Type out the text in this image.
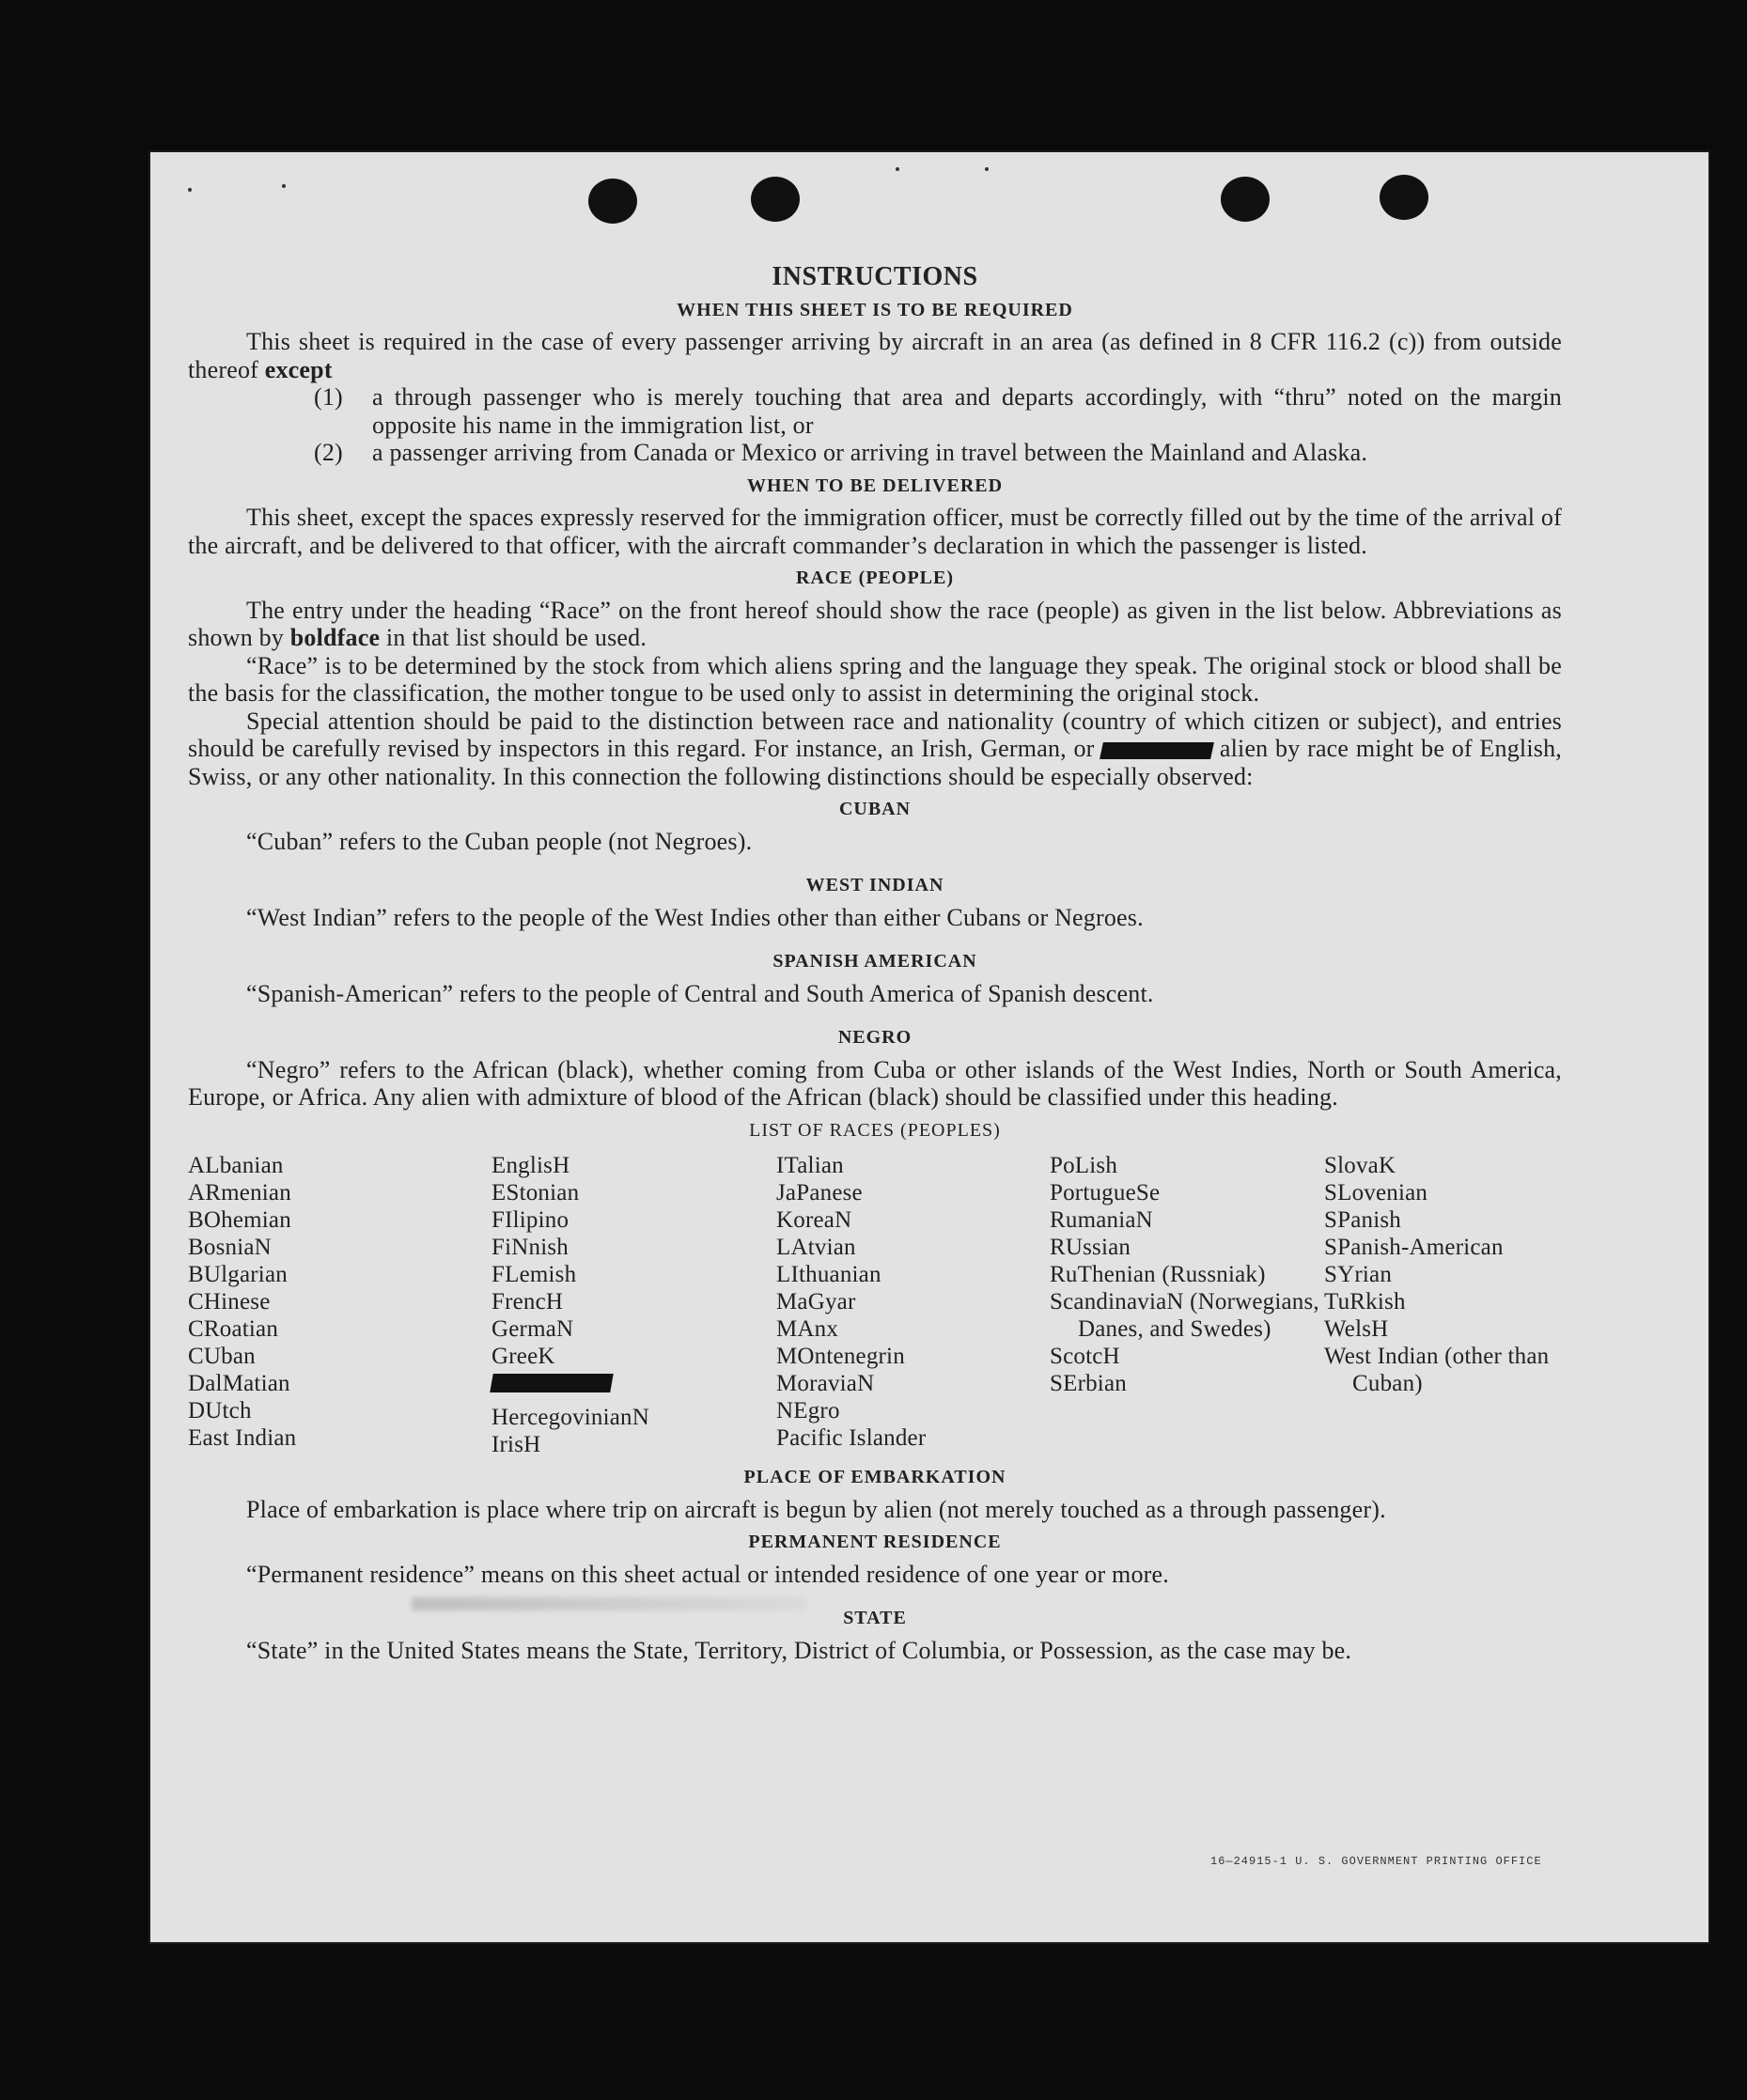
INSTRUCTIONS
WHEN THIS SHEET IS TO BE REQUIRED

This sheet is required in the case of every passenger arriving by aircraft in an area (as defined in 8 CFR 116.2 (c)) from outside thereof except

(1)	a through passenger who is merely touching that area and departs accordingly, with “thru” noted on the margin opposite his name in the immigration list, or
(2)	a passenger arriving from Canada or Mexico or arriving in travel between the Mainland and Alaska.
WHEN TO BE DELIVERED

This sheet, except the spaces expressly reserved for the immigration officer, must be correctly filled out by the time of the arrival of the aircraft, and be delivered to that officer, with the aircraft commander’s declaration in which the passenger is listed.

RACE (PEOPLE)

The entry under the heading “Race” on the front hereof should show the race (people) as given in the list below. Abbreviations as shown by boldface in that list should be used.

“Race” is to be determined by the stock from which aliens spring and the language they speak. The original stock or blood shall be the basis for the classification, the mother tongue to be used only to assist in determining the original stock.

Special attention should be paid to the distinction between race and nationality (country of which citizen or subject), and entries should be carefully revised by inspectors in this regard. For instance, an Irish, German, or	alien by race might be of English, Swiss, or any other nationality. In this connection the following distinctions should be especially observed:

CUBAN

“Cuban” refers to the Cuban people (not Negroes).

WEST INDIAN

“West Indian” refers to the people of the West Indies other than either Cubans or Negroes.

SPANISH AMERICAN

“Spanish-American” refers to the people of Central and South America of Spanish descent.

NEGRO

“Negro” refers to the African (black), whether coming from Cuba or other islands of the West Indies, North or South America, Europe, or Africa. Any alien with admixture of blood of the African (black) should be classified under this heading.

LIST OF RACES (PEOPLES)
ALbanian
ARmenian
BOhemian
BosniaN
BUlgarian
CHinese
CRoatian
CUban
DalMatian
DUtch
East Indian
EnglisH
EStonian
FIlipino
FiNnish
FLemish
FrencH
GermaN
GreeK
HercegovinianN
IrisH
ITalian
JaPanese
KoreaN
LAtvian
LIthuanian
MaGyar
MAnx
MOntenegrin
MoraviaN
NEgro
Pacific Islander
PoLish
PortugueSe
RumaniaN
RUssian
RuThenian (Russniak)
ScandinaviaN (Norwegians, Danes, and Swedes)
ScotcH
SErbian
SlovaK
SLovenian
SPanish
SPanish-American
SYrian
TuRkish
WelsH
West Indian (other than Cuban)
PLACE OF EMBARKATION

Place of embarkation is place where trip on aircraft is begun by alien (not merely touched as a through passenger).

PERMANENT RESIDENCE

“Permanent residence” means on this sheet actual or intended residence of one year or more.

STATE

“State” in the United States means the State, Territory, District of Columbia, or Possession, as the case may be.

16—24915-1 U. S. GOVERNMENT PRINTING OFFICE
